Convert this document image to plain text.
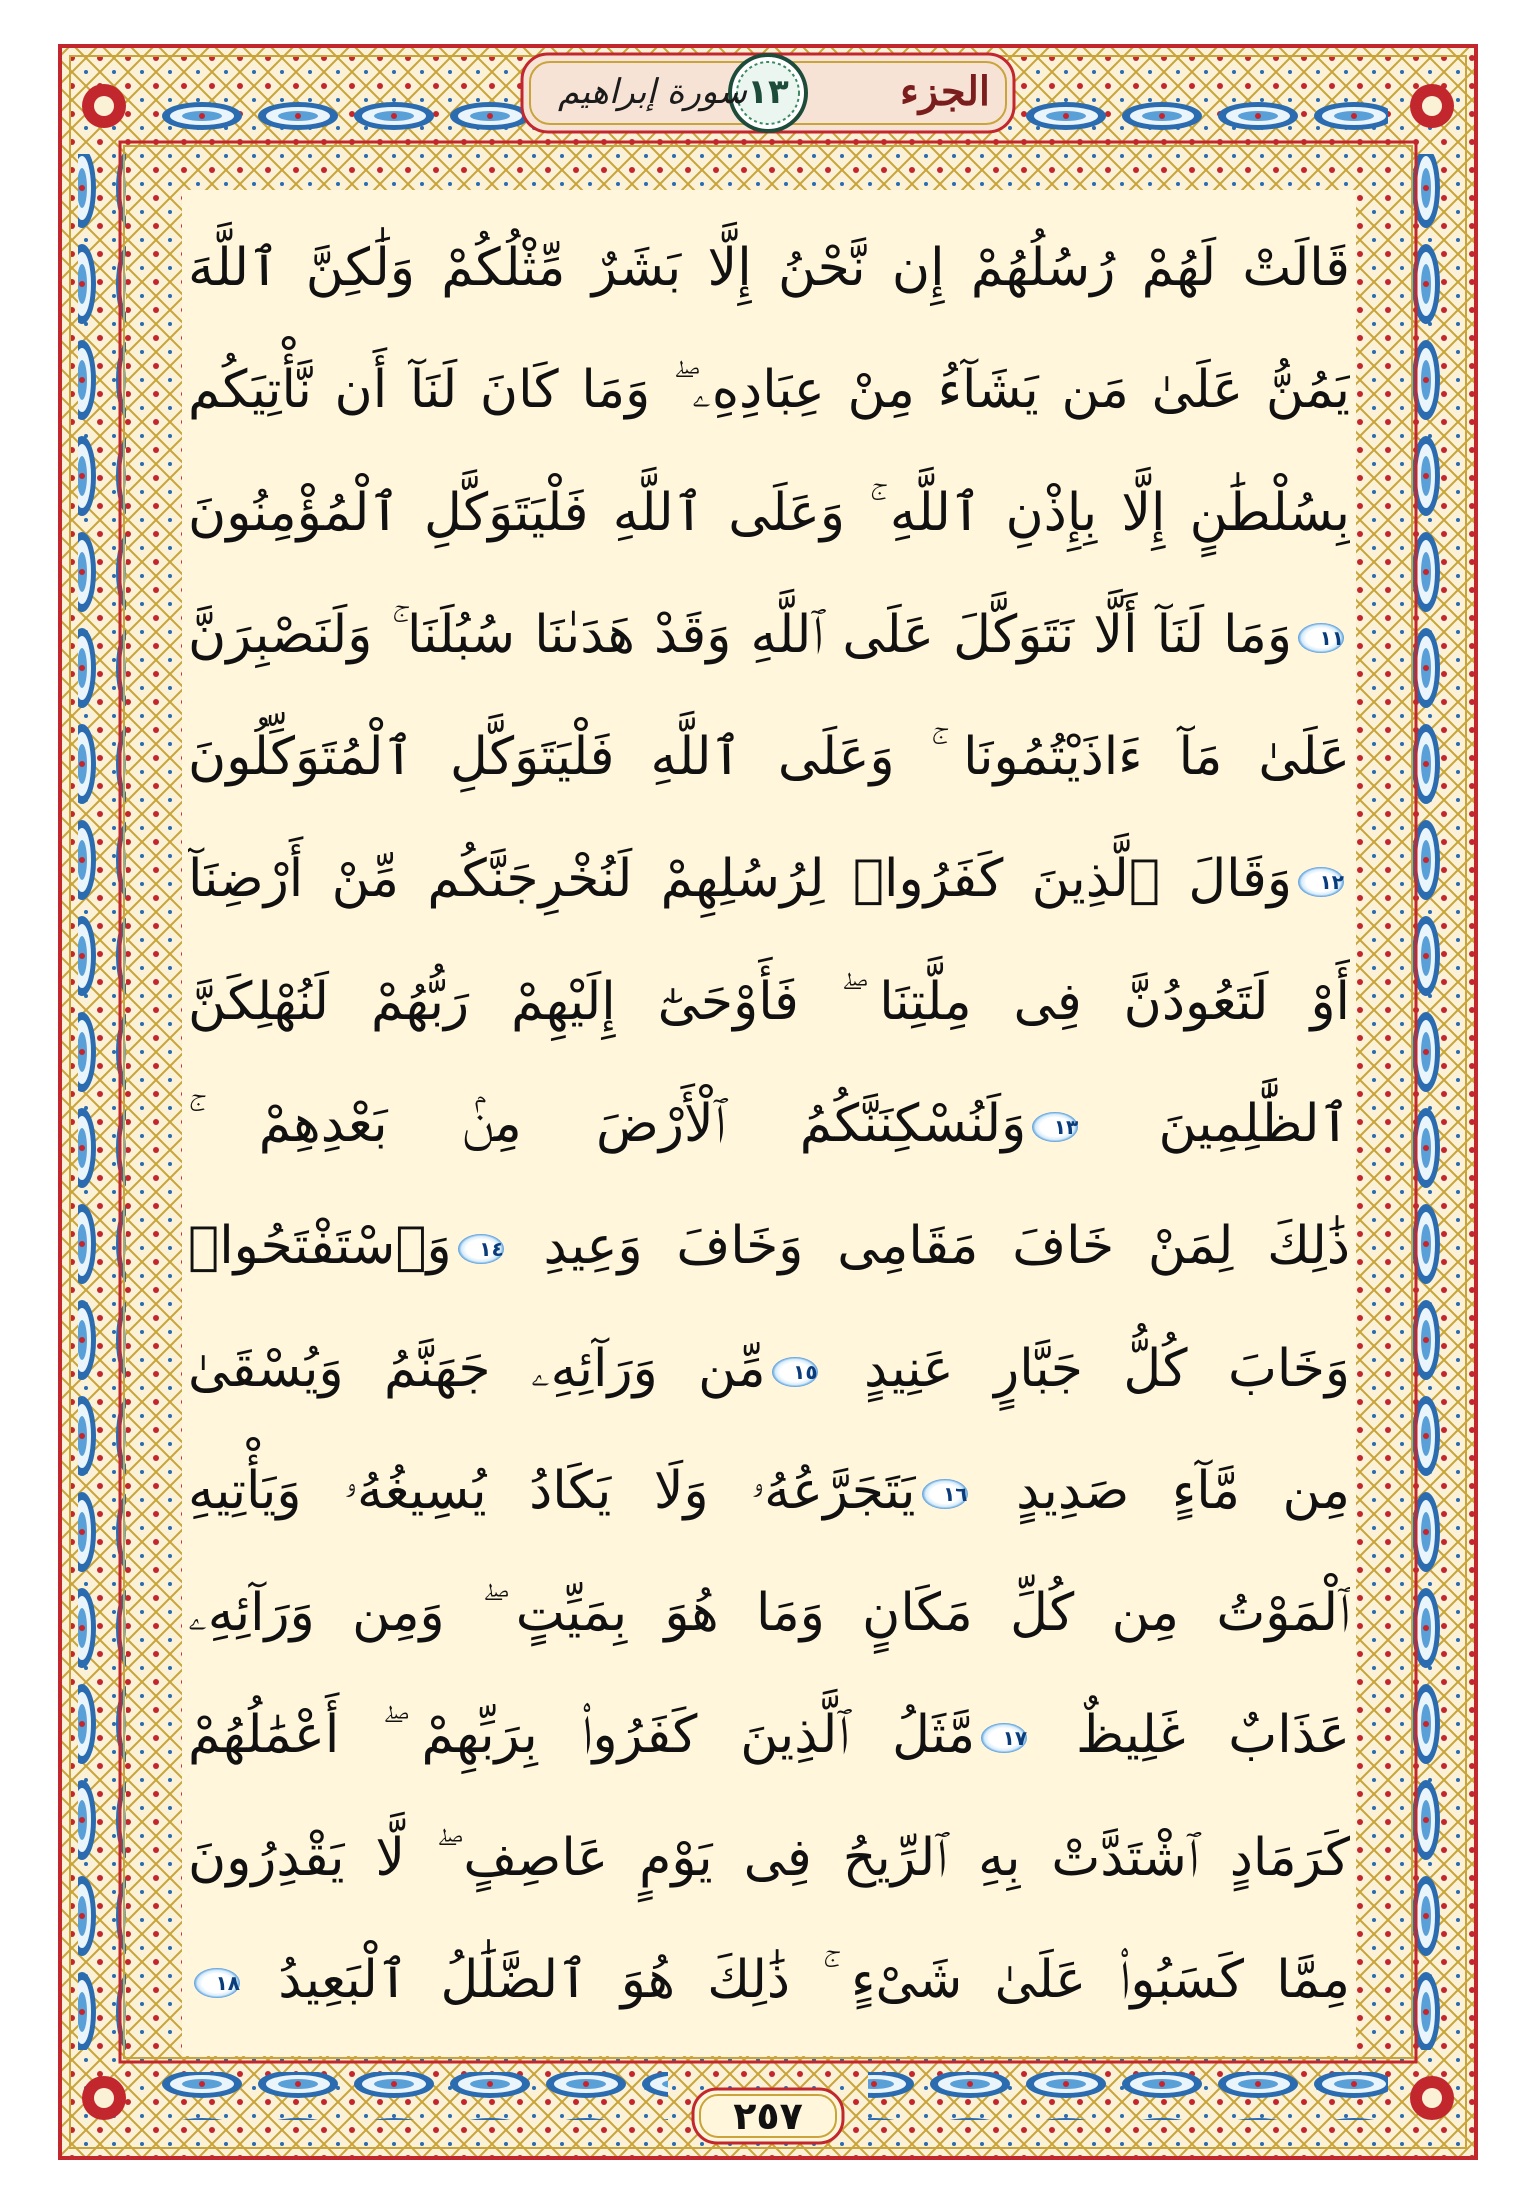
الجزء
١٣
سورة إبراهيم
قَالَتْ لَهُمْ رُسُلُهُمْ إِن نَّحْنُ إِلَّا بَشَرٌ مِّثْلُكُمْ وَلَٰكِنَّ ٱللَّهَ
يَمُنُّ عَلَىٰ مَن يَشَآءُ مِنْ عِبَادِهِۦ ۖ وَمَا كَانَ لَنَآ أَن نَّأْتِيَكُم
بِسُلْطَٰنٍ إِلَّا بِإِذْنِ ٱللَّهِ ۚ وَعَلَى ٱللَّهِ فَلْيَتَوَكَّلِ ٱلْمُؤْمِنُونَ
١١وَمَا لَنَآ أَلَّا نَتَوَكَّلَ عَلَى ٱللَّهِ وَقَدْ هَدَىٰنَا سُبُلَنَا ۚ وَلَنَصْبِرَنَّ
عَلَىٰ مَآ ءَاذَيْتُمُونَا ۚ وَعَلَى ٱللَّهِ فَلْيَتَوَكَّلِ ٱلْمُتَوَكِّلُونَ
١٢وَقَالَ ٱلَّذِينَ كَفَرُوا۟ لِرُسُلِهِمْ لَنُخْرِجَنَّكُم مِّنْ أَرْضِنَآ
أَوْ لَتَعُودُنَّ فِى مِلَّتِنَا ۖ فَأَوْحَىٰٓ إِلَيْهِمْ رَبُّهُمْ لَنُهْلِكَنَّ
ٱلظَّٰلِمِينَ ١٣وَلَنُسْكِنَنَّكُمُ ٱلْأَرْضَ مِنۢ بَعْدِهِمْ ۚ
ذَٰلِكَ لِمَنْ خَافَ مَقَامِى وَخَافَ وَعِيدِ ١٤وَٱسْتَفْتَحُوا۟
وَخَابَ كُلُّ جَبَّارٍ عَنِيدٍ ١٥مِّن وَرَآئِهِۦ جَهَنَّمُ وَيُسْقَىٰ
مِن مَّآءٍ صَدِيدٍ ١٦يَتَجَرَّعُهُۥ وَلَا يَكَادُ يُسِيغُهُۥ وَيَأْتِيهِ
ٱلْمَوْتُ مِن كُلِّ مَكَانٍ وَمَا هُوَ بِمَيِّتٍ ۖ وَمِن وَرَآئِهِۦ
عَذَابٌ غَلِيظٌ ١٧مَّثَلُ ٱلَّذِينَ كَفَرُوا۟ بِرَبِّهِمْ ۖ أَعْمَٰلُهُمْ
كَرَمَادٍ ٱشْتَدَّتْ بِهِ ٱلرِّيحُ فِى يَوْمٍ عَاصِفٍ ۖ لَّا يَقْدِرُونَ
مِمَّا كَسَبُوا۟ عَلَىٰ شَىْءٍ ۚ ذَٰلِكَ هُوَ ٱلضَّلَٰلُ ٱلْبَعِيدُ ١٨
٢٥٧
